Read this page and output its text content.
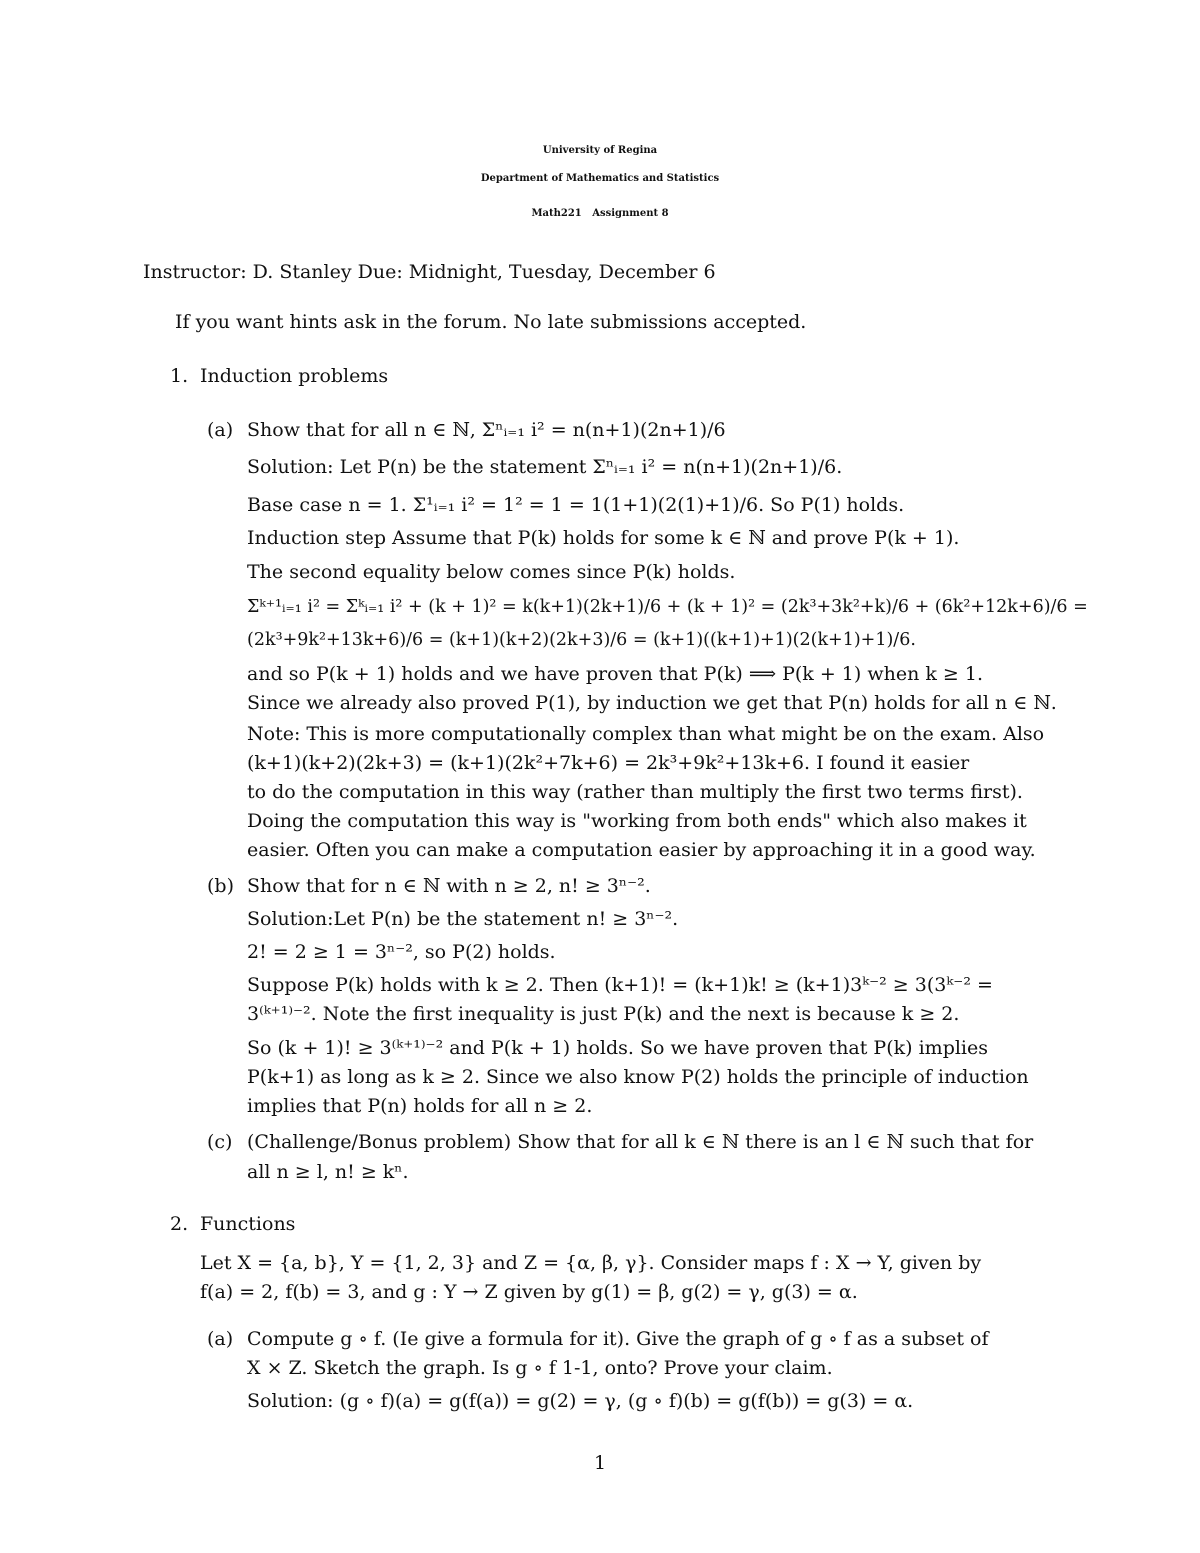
University of Regina
Department of Mathematics and Statistics
Math221   Assignment 8
Instructor: D. Stanley Due: Midnight, Tuesday, December 6
If you want hints ask in the forum. No late submissions accepted.
1. Induction problems
(a) Show that for all n ∈ ℕ, Σⁿᵢ₌₁ i² = n(n+1)(2n+1)/6
Solution: Let P(n) be the statement Σⁿᵢ₌₁ i² = n(n+1)(2n+1)/6.
Base case n = 1. Σ¹ᵢ₌₁ i² = 1² = 1 = 1(1+1)(2(1)+1)/6. So P(1) holds.
Induction step Assume that P(k) holds for some k ∈ ℕ and prove P(k + 1).
The second equality below comes since P(k) holds.
Σᵏ⁺¹ᵢ₌₁ i² = Σᵏᵢ₌₁ i² + (k + 1)² = k(k+1)(2k+1)/6 + (k + 1)² = (2k³+3k²+k)/6 + (6k²+12k+6)/6 =
(2k³+9k²+13k+6)/6 = (k+1)(k+2)(2k+3)/6 = (k+1)((k+1)+1)(2(k+1)+1)/6.
and so P(k + 1) holds and we have proven that P(k) ⟹ P(k + 1) when k ≥ 1.
Since we already also proved P(1), by induction we get that P(n) holds for all n ∈ ℕ.
Note: This is more computationally complex than what might be on the exam. Also
(k+1)(k+2)(2k+3) = (k+1)(2k²+7k+6) = 2k³+9k²+13k+6. I found it easier
to do the computation in this way (rather than multiply the first two terms first).
Doing the computation this way is "working from both ends" which also makes it
easier. Often you can make a computation easier by approaching it in a good way.
(b) Show that for n ∈ ℕ with n ≥ 2, n! ≥ 3ⁿ⁻².
Solution:Let P(n) be the statement n! ≥ 3ⁿ⁻².
2! = 2 ≥ 1 = 3ⁿ⁻², so P(2) holds.
Suppose P(k) holds with k ≥ 2. Then (k+1)! = (k+1)k! ≥ (k+1)3ᵏ⁻² ≥ 3(3ᵏ⁻² =
3⁽ᵏ⁺¹⁾⁻². Note the first inequality is just P(k) and the next is because k ≥ 2.
So (k + 1)! ≥ 3⁽ᵏ⁺¹⁾⁻² and P(k + 1) holds. So we have proven that P(k) implies
P(k+1) as long as k ≥ 2. Since we also know P(2) holds the principle of induction
implies that P(n) holds for all n ≥ 2.
(c) (Challenge/Bonus problem) Show that for all k ∈ ℕ there is an l ∈ ℕ such that for
all n ≥ l, n! ≥ kⁿ.
2. Functions
Let X = {a, b}, Y = {1, 2, 3} and Z = {α, β, γ}. Consider maps f : X → Y, given by
f(a) = 2, f(b) = 3, and g : Y → Z given by g(1) = β, g(2) = γ, g(3) = α.
(a) Compute g ∘ f. (Ie give a formula for it). Give the graph of g ∘ f as a subset of
X × Z. Sketch the graph. Is g ∘ f 1-1, onto? Prove your claim.
Solution: (g ∘ f)(a) = g(f(a)) = g(2) = γ, (g ∘ f)(b) = g(f(b)) = g(3) = α.
1
